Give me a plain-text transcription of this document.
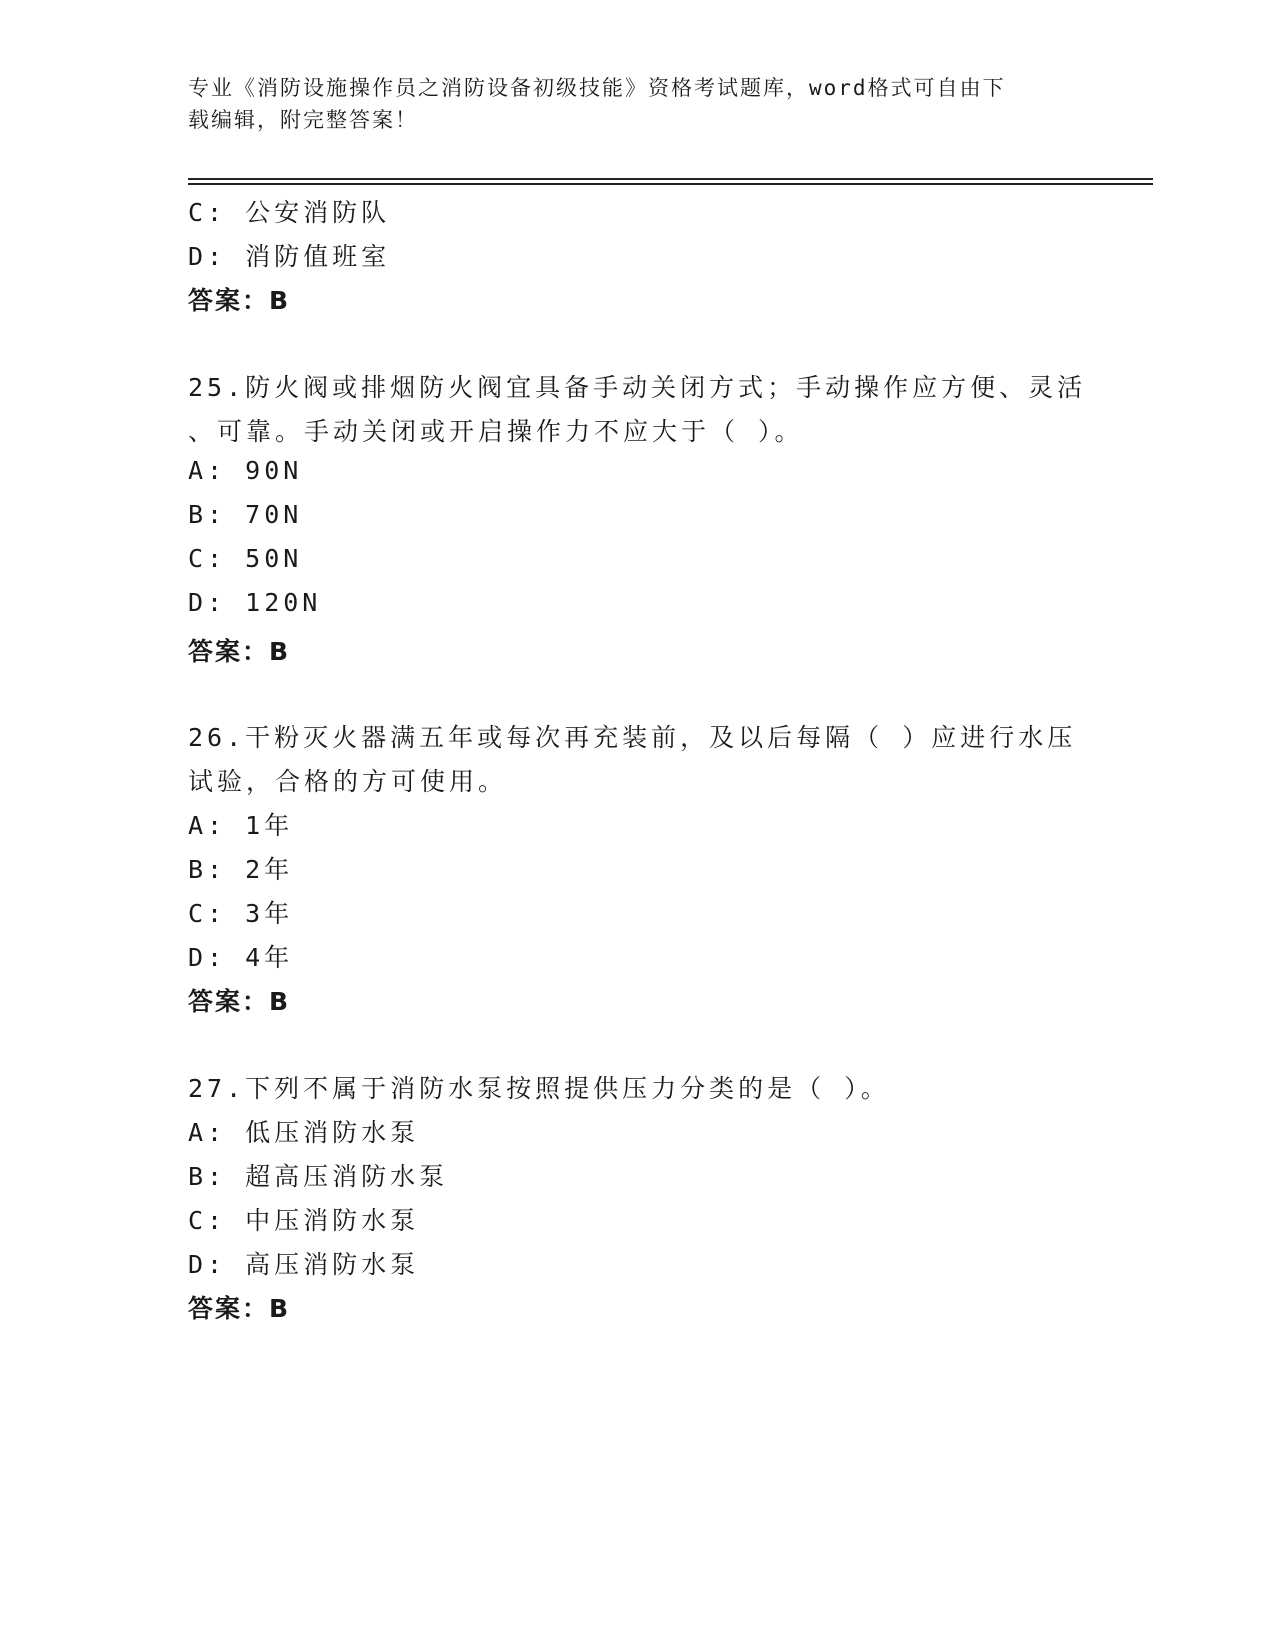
专业《消防设施操作员之消防设备初级技能》资格考试题库，word格式可自由下

载编辑，附完整答案！

C: 公安消防队
D: 消防值班室
答案：B
25.防火阀或排烟防火阀宜具备手动关闭方式；手动操作应方便、灵活
、可靠。手动关闭或开启操作力不应大于（ ）。
A: 90N
B: 70N
C: 50N
D: 120N
答案：B
26.干粉灭火器满五年或每次再充装前，及以后每隔（ ）应进行水压
试验，合格的方可使用。
A: 1年
B: 2年
C: 3年
D: 4年
答案：B
27.下列不属于消防水泵按照提供压力分类的是（ ）。
A: 低压消防水泵
B: 超高压消防水泵
C: 中压消防水泵
D: 高压消防水泵
答案：B
